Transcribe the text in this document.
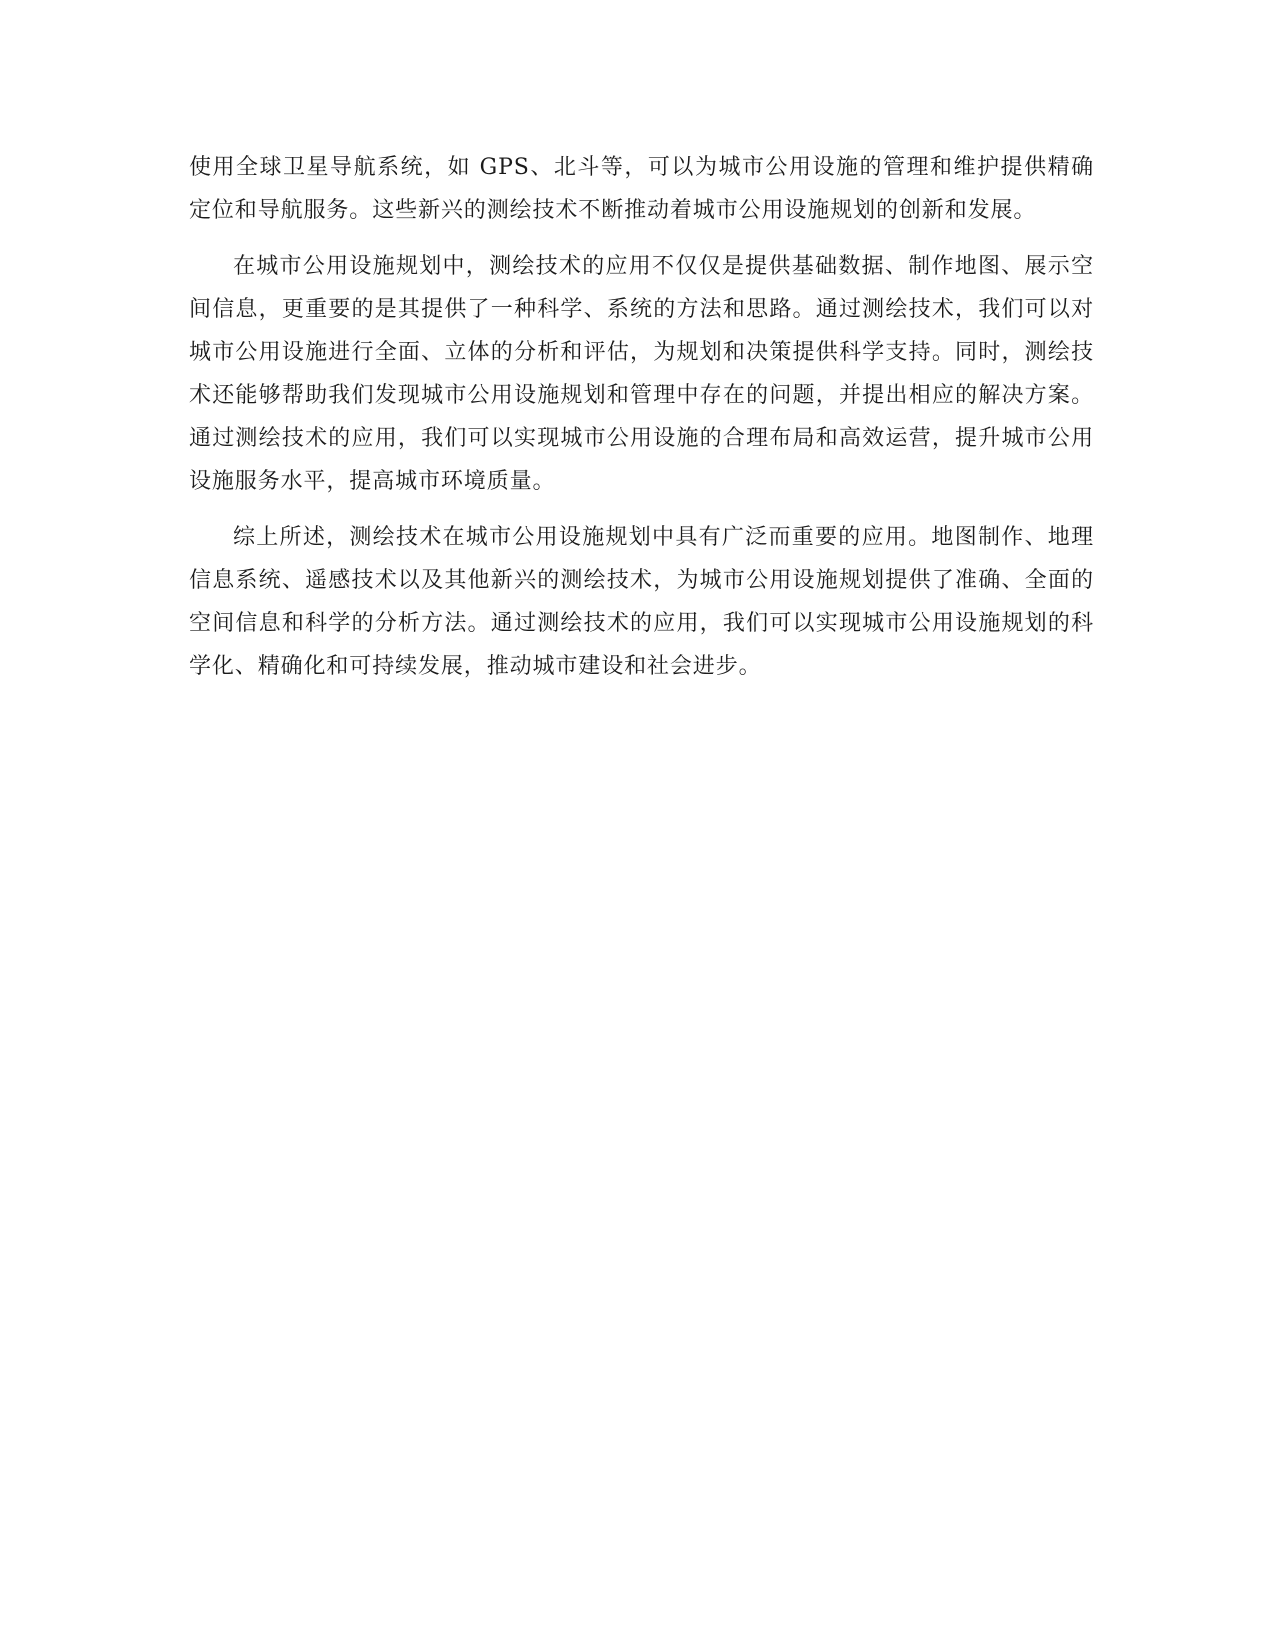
使用全球卫星导航系统，如 GPS、北斗等，可以为城市公用设施的管理和维护提供精确定位和导航服务。这些新兴的测绘技术不断推动着城市公用设施规划的创新和发展。

在城市公用设施规划中，测绘技术的应用不仅仅是提供基础数据、制作地图、展示空间信息，更重要的是其提供了一种科学、系统的方法和思路。通过测绘技术，我们可以对城市公用设施进行全面、立体的分析和评估，为规划和决策提供科学支持。同时，测绘技术还能够帮助我们发现城市公用设施规划和管理中存在的问题，并提出相应的解决方案。通过测绘技术的应用，我们可以实现城市公用设施的合理布局和高效运营，提升城市公用设施服务水平，提高城市环境质量。

综上所述，测绘技术在城市公用设施规划中具有广泛而重要的应用。地图制作、地理信息系统、遥感技术以及其他新兴的测绘技术，为城市公用设施规划提供了准确、全面的空间信息和科学的分析方法。通过测绘技术的应用，我们可以实现城市公用设施规划的科学化、精确化和可持续发展，推动城市建设和社会进步。
